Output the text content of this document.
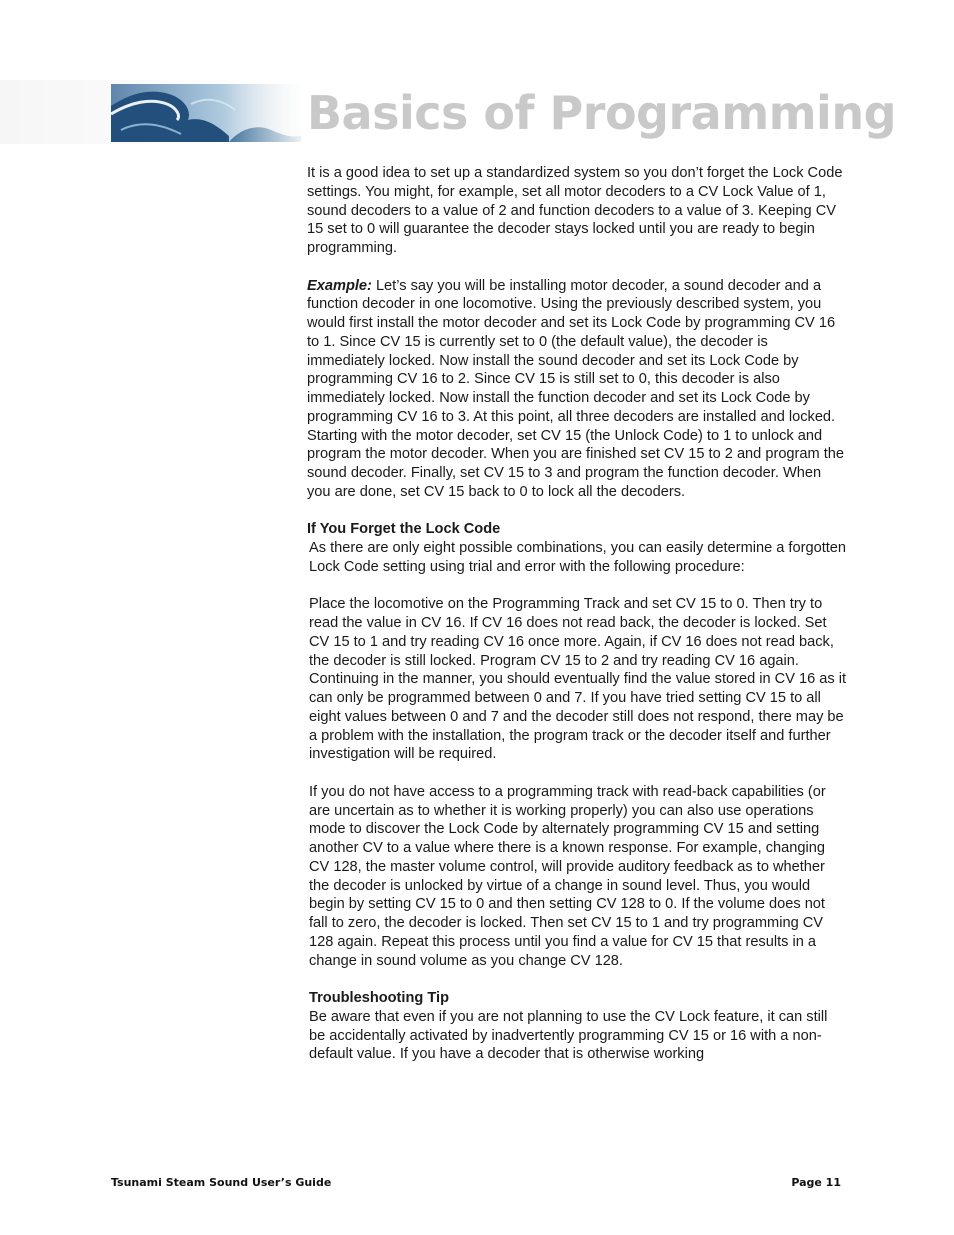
Basics of Programming

It is a good idea to set up a standardized system so you don’t forget the Lock Code settings. You might, for example, set all motor decoders to a CV Lock Value of 1, sound decoders to a value of 2 and function decoders to a value of 3. Keeping CV 15 set to 0 will guarantee the decoder stays locked until you are ready to begin programming.

Example: Let’s say you will be installing motor decoder, a sound decoder and a function decoder in one locomotive. Using the previously described system, you would first install the motor decoder and set its Lock Code by programming CV 16 to 1. Since CV 15 is currently set to 0 (the default value), the decoder is immediately locked. Now install the sound decoder and set its Lock Code by programming CV 16 to 2. Since CV 15 is still set to 0, this decoder is also immediately locked. Now install the function decoder and set its Lock Code by programming CV 16 to 3. At this point, all three decoders are installed and locked. Starting with the motor decoder, set CV 15 (the Unlock Code) to 1 to unlock and program the motor decoder. When you are finished set CV 15 to 2 and program the sound decoder. Finally, set CV 15 to 3 and program the function decoder. When you are done, set CV 15 back to 0 to lock all the decoders.

If You Forget the Lock Code

As there are only eight possible combinations, you can easily determine a forgotten Lock Code setting using trial and error with the following procedure:

Place the locomotive on the Programming Track and set CV 15 to 0. Then try to read the value in CV 16. If CV 16 does not read back, the decoder is locked. Set CV 15 to 1 and try reading CV 16 once more. Again, if CV 16 does not read back, the decoder is still locked. Program CV 15 to 2 and try reading CV 16 again. Continuing in the manner, you should eventually find the value stored in CV 16 as it can only be programmed between 0 and 7. If you have tried setting CV 15 to all eight values between 0 and 7 and the decoder still does not respond, there may be a problem with the installation, the program track or the decoder itself and further investigation will be required.

If you do not have access to a programming track with read-back capabilities (or are uncertain as to whether it is working properly) you can also use operations mode to discover the Lock Code by alternately programming CV 15 and setting another CV to a value where there is a known response. For example, changing CV 128, the master volume control, will provide auditory feedback as to whether the decoder is unlocked by virtue of a change in sound level. Thus, you would begin by setting CV 15 to 0 and then setting CV 128 to 0. If the volume does not fall to zero, the decoder is locked. Then set CV 15 to 1 and try programming CV 128 again. Repeat this process until you find a value for CV 15 that results in a change in sound volume as you change CV 128.

Troubleshooting Tip

Be aware that even if you are not planning to use the CV Lock feature, it can still be accidentally activated by inadvertently programming CV 15 or 16 with a non-default value. If you have a decoder that is otherwise working

Tsunami Steam Sound User’s Guide	Page 11
